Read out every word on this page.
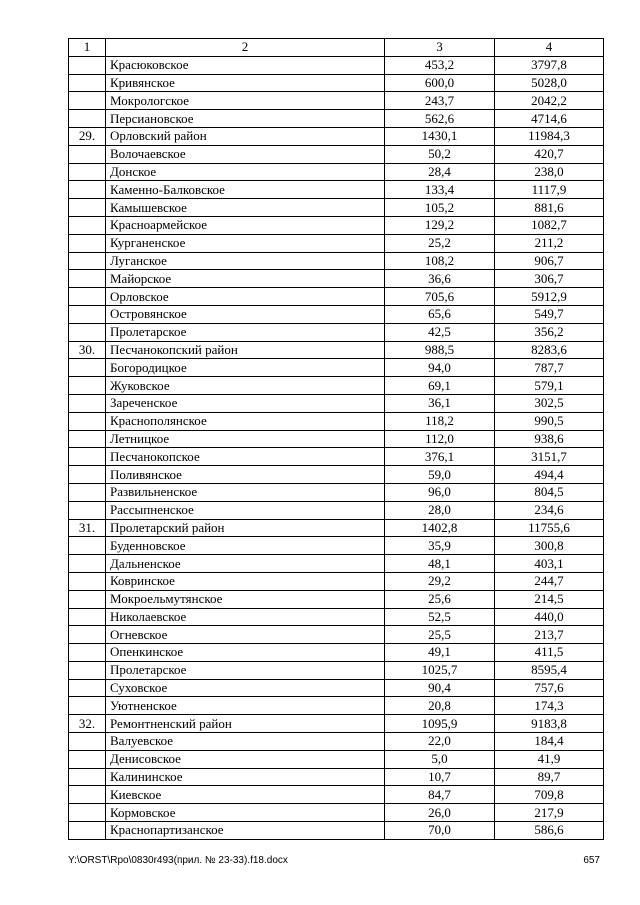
1	2	3	4
	Красюковское	453,2	3797,8
	Кривянское	600,0	5028,0
	Мокрологское	243,7	2042,2
	Персиановское	562,6	4714,6
29.	Орловский район	1430,1	11984,3
	Волочаевское	50,2	420,7
	Донское	28,4	238,0
	Каменно-Балковское	133,4	1117,9
	Камышевское	105,2	881,6
	Красноармейское	129,2	1082,7
	Курганенское	25,2	211,2
	Луганское	108,2	906,7
	Майорское	36,6	306,7
	Орловское	705,6	5912,9
	Островянское	65,6	549,7
	Пролетарское	42,5	356,2
30.	Песчанокопский район	988,5	8283,6
	Богородицкое	94,0	787,7
	Жуковское	69,1	579,1
	Зареченское	36,1	302,5
	Краснополянское	118,2	990,5
	Летницкое	112,0	938,6
	Песчанокопское	376,1	3151,7
	Поливянское	59,0	494,4
	Развильненское	96,0	804,5
	Рассыпненское	28,0	234,6
31.	Пролетарский район	1402,8	11755,6
	Буденновское	35,9	300,8
	Дальненское	48,1	403,1
	Ковринское	29,2	244,7
	Мокроельмутянское	25,6	214,5
	Николаевское	52,5	440,0
	Огневское	25,5	213,7
	Опенкинское	49,1	411,5
	Пролетарское	1025,7	8595,4
	Суховское	90,4	757,6
	Уютненское	20,8	174,3
32.	Ремонтненский район	1095,9	9183,8
	Валуевское	22,0	184,4
	Денисовское	5,0	41,9
	Калининское	10,7	89,7
	Киевское	84,7	709,8
	Кормовское	26,0	217,9
	Краснопартизанское	70,0	586,6
Y:\ORST\Rpo\0830r493(прил. № 23-33).f18.docx	657
